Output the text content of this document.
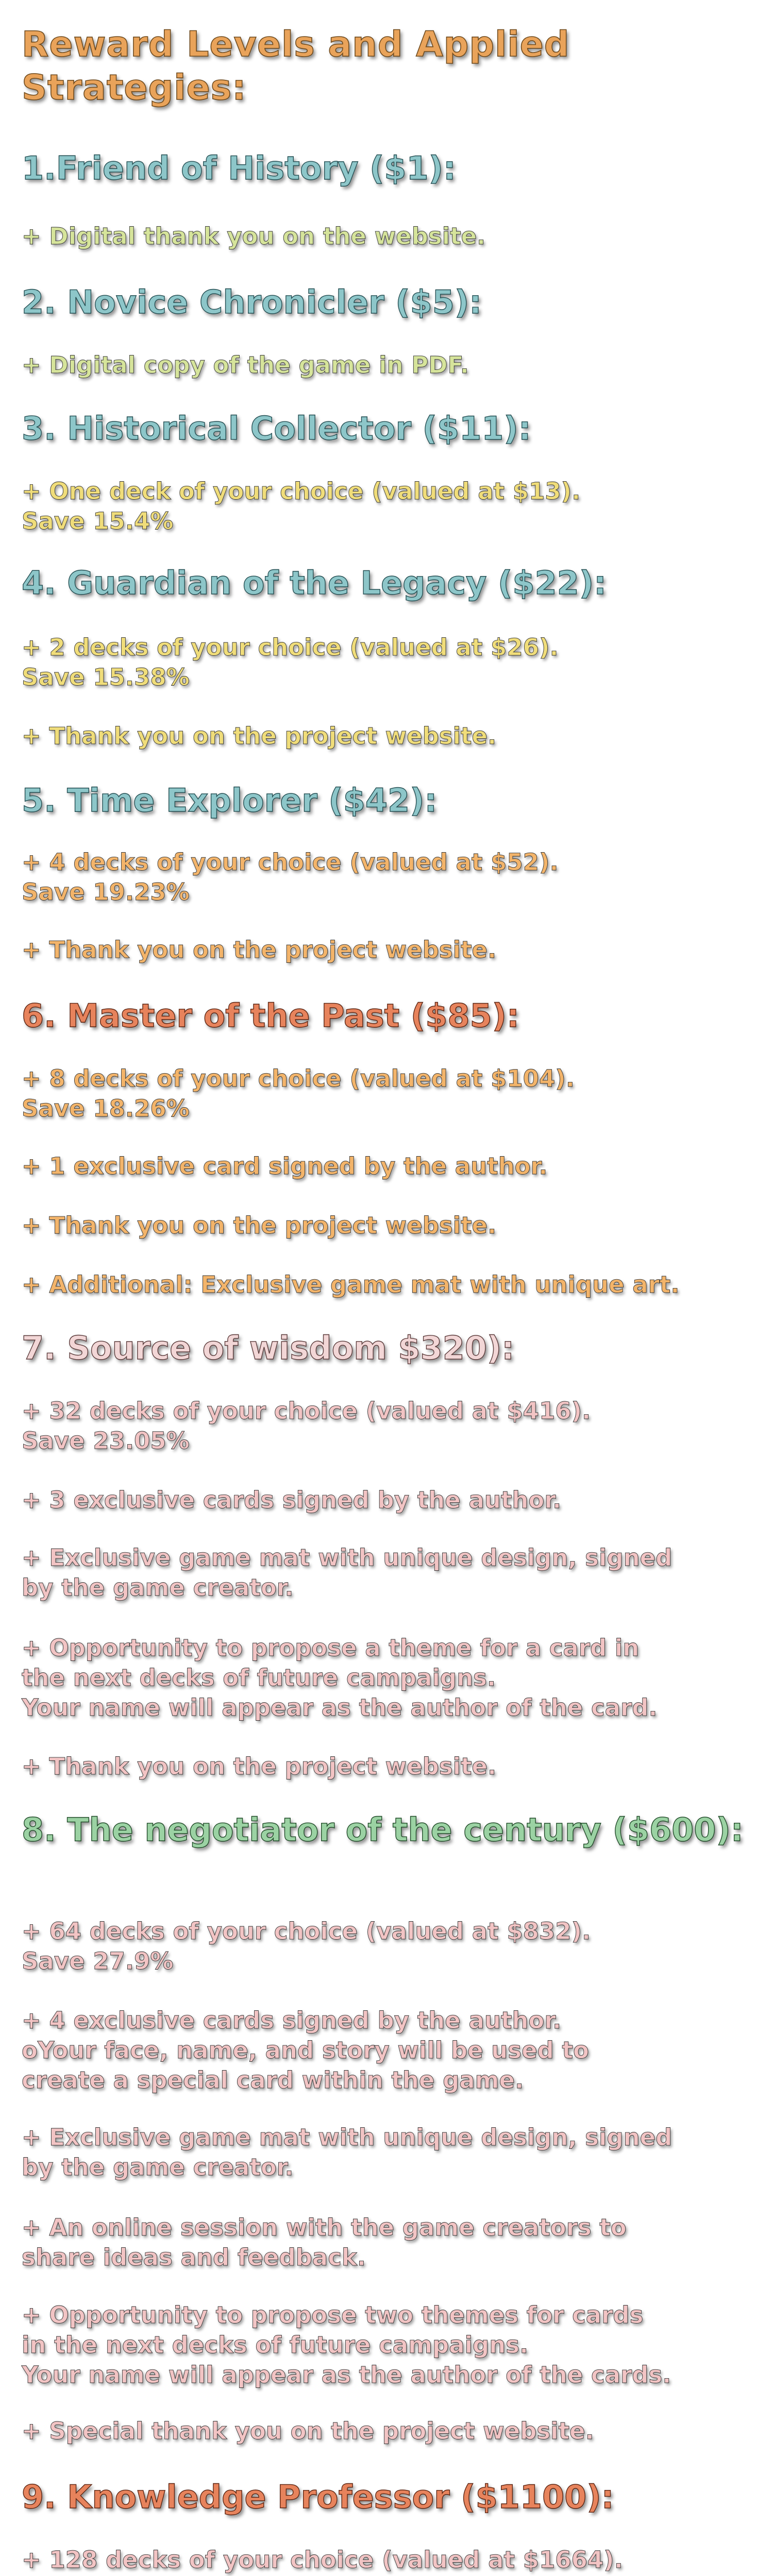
Reward Levels and Applied Strategies:
1.Friend of History ($1):

+ Digital thank you on the website.

2. Novice Chronicler ($5):

+ Digital copy of the game in PDF.

3. Historical Collector ($11):

+ One deck of your choice (valued at $13).
Save 15.4%

4. Guardian of the Legacy ($22):

+ 2 decks of your choice (valued at $26).
Save 15.38%

+ Thank you on the project website.

5. Time Explorer ($42):

+ 4 decks of your choice (valued at $52).
Save 19.23%

+ Thank you on the project website.

6. Master of the Past ($85):

+ 8 decks of your choice (valued at $104).
Save 18.26%

+ 1 exclusive card signed by the author.

+ Thank you on the project website.

+ Additional: Exclusive game mat with unique art.

7. Source of wisdom $320):

+ 32 decks of your choice (valued at $416).
Save 23.05%

+ 3 exclusive cards signed by the author.

+ Exclusive game mat with unique design, signed
by the game creator.

+ Opportunity to propose a theme for a card in
the next decks of future campaigns.
Your name will appear as the author of the card.

+ Thank you on the project website.

8. The negotiator of the century ($600):

+ 64 decks of your choice (valued at $832).
Save 27.9%

+ 4 exclusive cards signed by the author.
oYour face, name, and story will be used to
create a special card within the game.

+ Exclusive game mat with unique design, signed
by the game creator.

+ An online session with the game creators to
share ideas and feedback.

+ Opportunity to propose two themes for cards
in the next decks of future campaigns.
Your name will appear as the author of the cards.

+ Special thank you on the project website.

9. Knowledge Professor ($1100):

+ 128 decks of your choice (valued at $1664).
